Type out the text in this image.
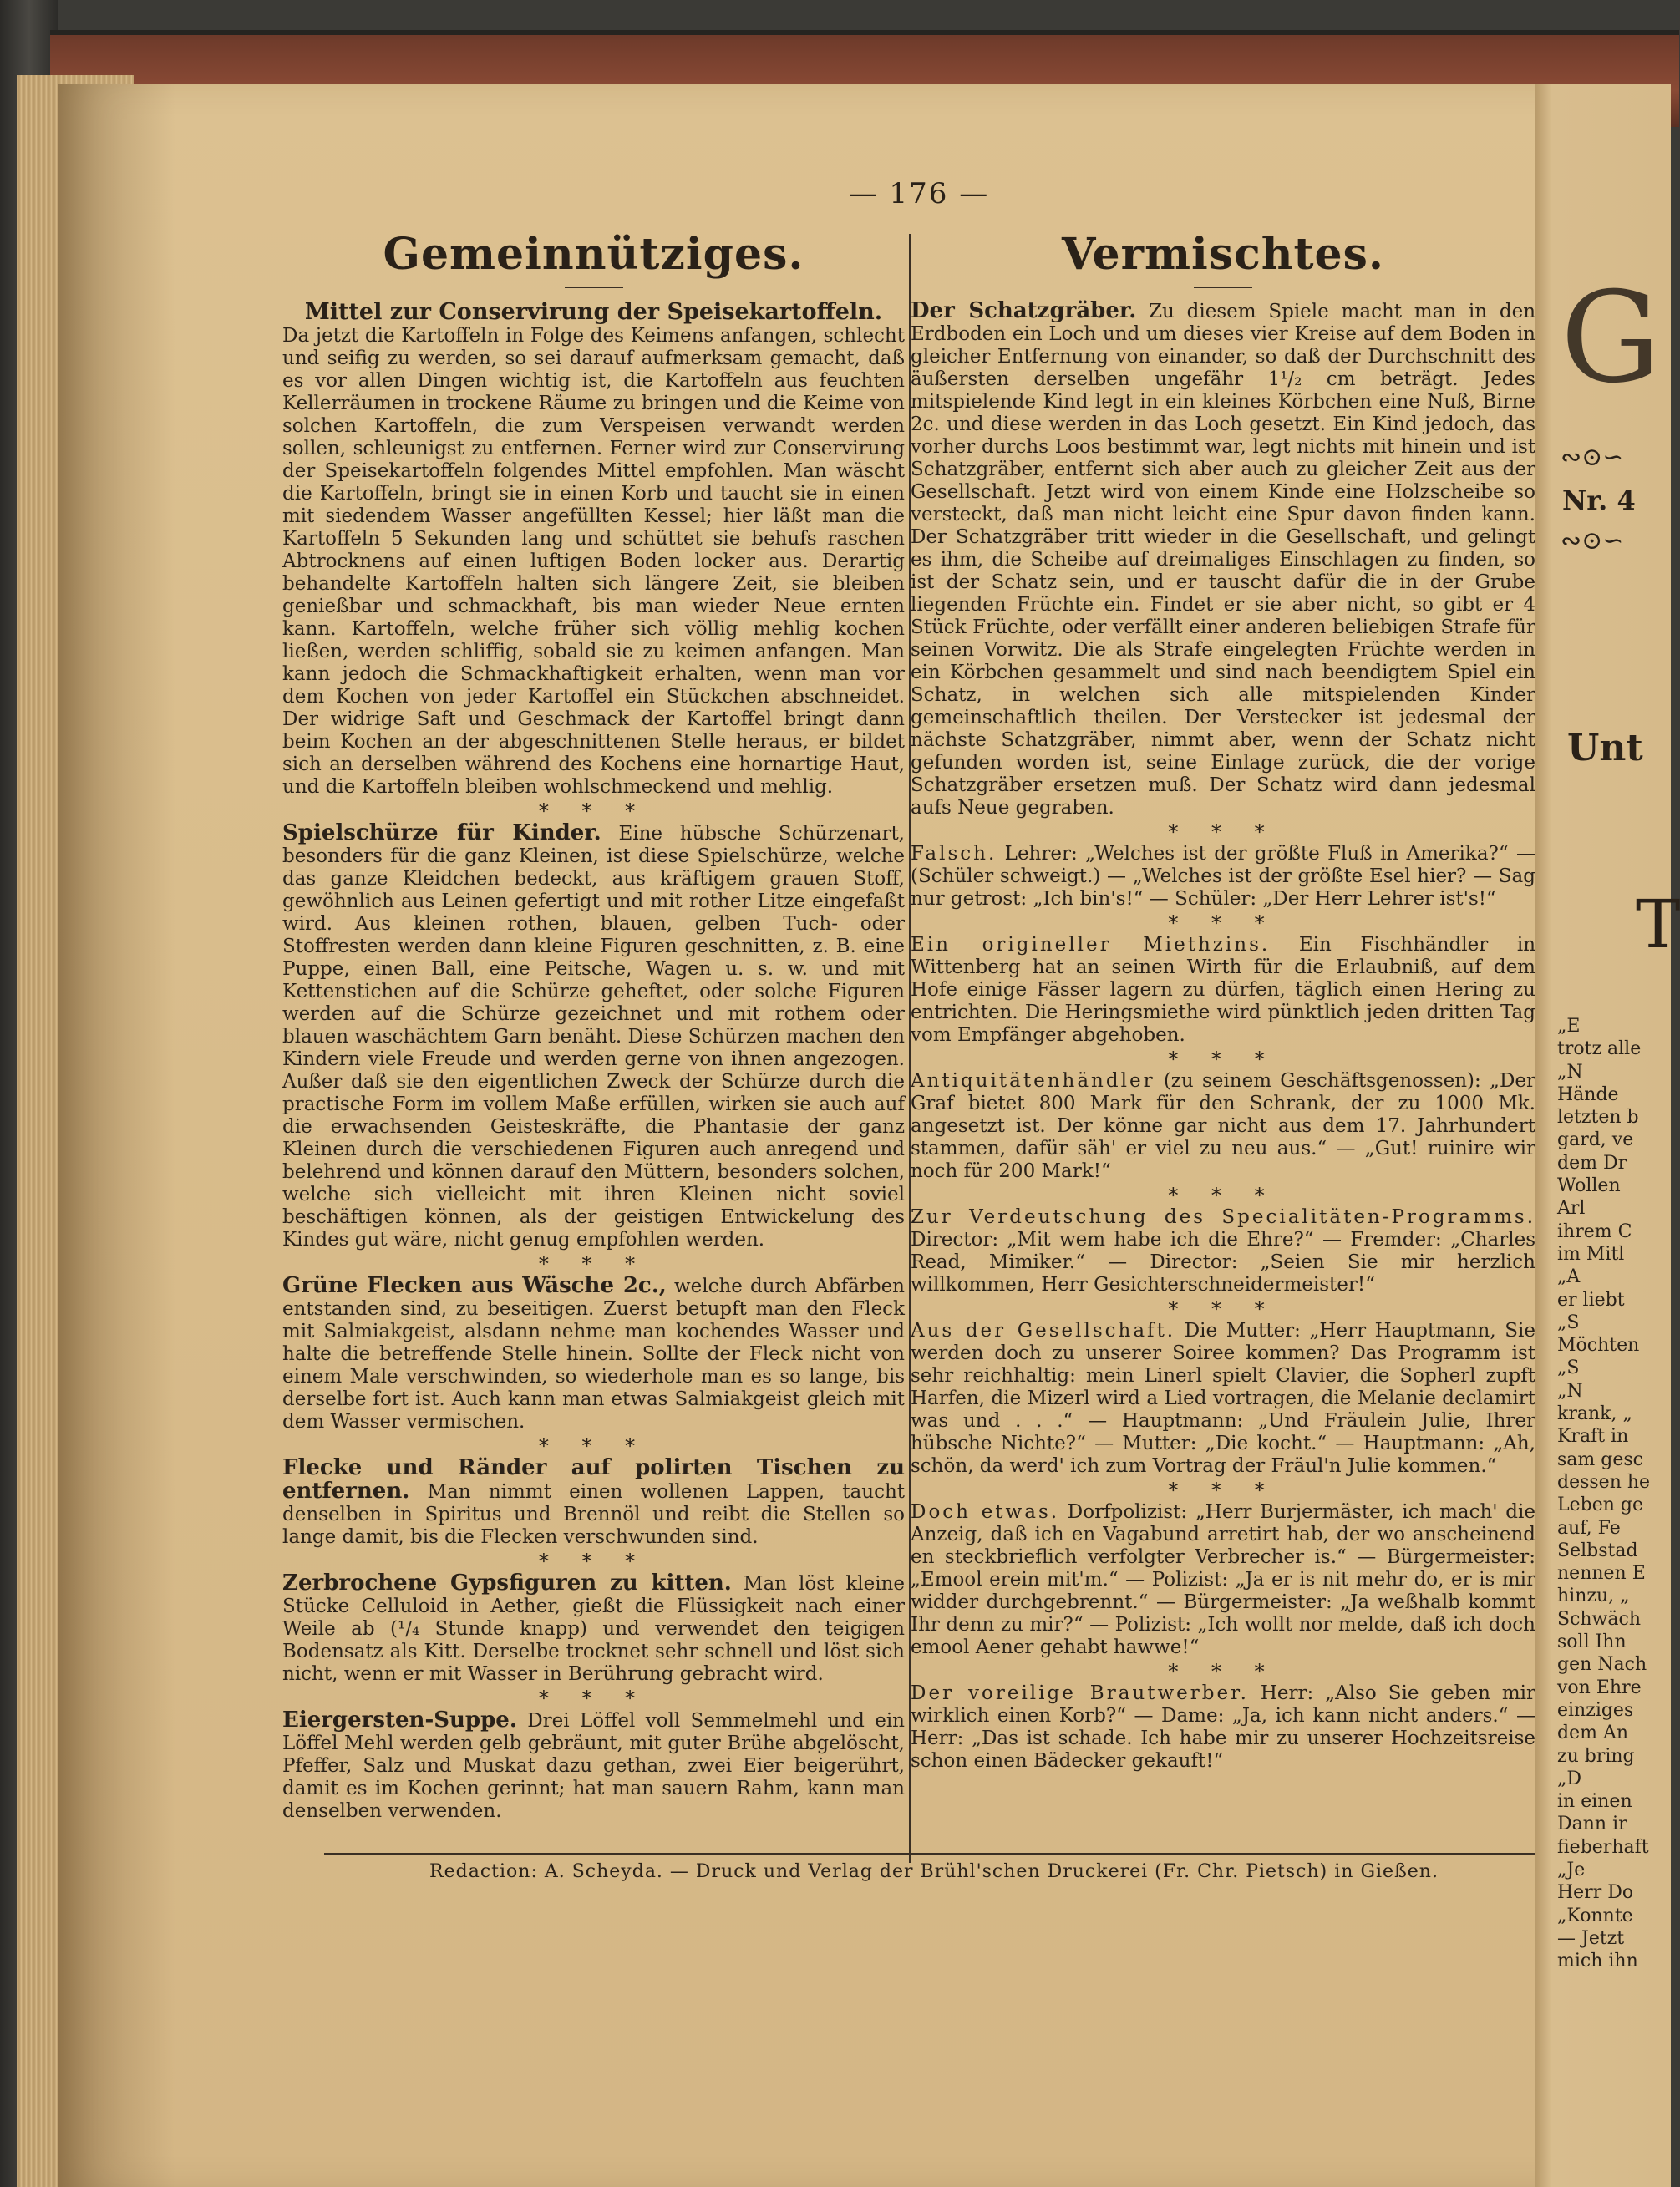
— 176 —
Gemeinnütziges.
Mittel zur Conservirung der Speisekartoffeln.
Da jetzt die Kartoffeln in Folge des Keimens anfangen, schlecht und seifig zu werden, so sei darauf aufmerksam gemacht, daß es vor allen Dingen wichtig ist, die Kartoffeln aus feuchten Kellerräumen in trockene Räume zu bringen und die Keime von solchen Kartoffeln, die zum Verspeisen verwandt werden sollen, schleunigst zu entfernen. Ferner wird zur Conservirung der Speisekartoffeln folgendes Mittel empfohlen. Man wäscht die Kartoffeln, bringt sie in einen Korb und taucht sie in einen mit siedendem Wasser angefüllten Kessel; hier läßt man die Kartoffeln 5 Sekunden lang und schüttet sie behufs raschen Abtrocknens auf einen luftigen Boden locker aus. Derartig behandelte Kartoffeln halten sich längere Zeit, sie bleiben genießbar und schmackhaft, bis man wieder Neue ernten kann. Kartoffeln, welche früher sich völlig mehlig kochen ließen, werden schliffig, sobald sie zu keimen anfangen. Man kann jedoch die Schmackhaftigkeit erhalten, wenn man vor dem Kochen von jeder Kartoffel ein Stückchen abschneidet. Der widrige Saft und Geschmack der Kartoffel bringt dann beim Kochen an der abgeschnittenen Stelle heraus, er bildet sich an derselben während des Kochens eine hornartige Haut, und die Kartoffeln bleiben wohlschmeckend und mehlig.
* * *
Spielschürze für Kinder. Eine hübsche Schürzenart, besonders für die ganz Kleinen, ist diese Spielschürze, welche das ganze Kleidchen bedeckt, aus kräftigem grauen Stoff, gewöhnlich aus Leinen gefertigt und mit rother Litze eingefaßt wird. Aus kleinen rothen, blauen, gelben Tuch- oder Stoffresten werden dann kleine Figuren geschnitten, z. B. eine Puppe, einen Ball, eine Peitsche, Wagen u. s. w. und mit Kettenstichen auf die Schürze geheftet, oder solche Figuren werden auf die Schürze gezeichnet und mit rothem oder blauen waschächtem Garn benäht. Diese Schürzen machen den Kindern viele Freude und werden gerne von ihnen angezogen. Außer daß sie den eigentlichen Zweck der Schürze durch die practische Form im vollem Maße erfüllen, wirken sie auch auf die erwachsenden Geisteskräfte, die Phantasie der ganz Kleinen durch die verschiedenen Figuren auch anregend und belehrend und können darauf den Müttern, besonders solchen, welche sich vielleicht mit ihren Kleinen nicht soviel beschäftigen können, als der geistigen Entwickelung des Kindes gut wäre, nicht genug empfohlen werden.
* * *
Grüne Flecken aus Wäsche 2c., welche durch Abfärben entstanden sind, zu beseitigen. Zuerst betupft man den Fleck mit Salmiakgeist, alsdann nehme man kochendes Wasser und halte die betreffende Stelle hinein. Sollte der Fleck nicht von einem Male verschwinden, so wiederhole man es so lange, bis derselbe fort ist. Auch kann man etwas Salmiakgeist gleich mit dem Wasser vermischen.
* * *
Flecke und Ränder auf polirten Tischen zu entfernen. Man nimmt einen wollenen Lappen, taucht denselben in Spiritus und Brennöl und reibt die Stellen so lange damit, bis die Flecken verschwunden sind.
* * *
Zerbrochene Gypsfiguren zu kitten. Man löst kleine Stücke Celluloid in Aether, gießt die Flüssigkeit nach einer Weile ab (¹/₄ Stunde knapp) und verwendet den teigigen Bodensatz als Kitt. Derselbe trocknet sehr schnell und löst sich nicht, wenn er mit Wasser in Berührung gebracht wird.
* * *
Eiergersten-Suppe. Drei Löffel voll Semmelmehl und ein Löffel Mehl werden gelb gebräunt, mit guter Brühe abgelöscht, Pfeffer, Salz und Muskat dazu gethan, zwei Eier beigerührt, damit es im Kochen gerinnt; hat man sauern Rahm, kann man denselben verwenden.
Vermischtes.
Der Schatzgräber. Zu diesem Spiele macht man in den Erdboden ein Loch und um dieses vier Kreise auf dem Boden in gleicher Entfernung von einander, so daß der Durchschnitt des äußersten derselben ungefähr 1¹/₂ cm beträgt. Jedes mitspielende Kind legt in ein kleines Körbchen eine Nuß, Birne 2c. und diese werden in das Loch gesetzt. Ein Kind jedoch, das vorher durchs Loos bestimmt war, legt nichts mit hinein und ist Schatzgräber, entfernt sich aber auch zu gleicher Zeit aus der Gesellschaft. Jetzt wird von einem Kinde eine Holzscheibe so versteckt, daß man nicht leicht eine Spur davon finden kann. Der Schatzgräber tritt wieder in die Gesellschaft, und gelingt es ihm, die Scheibe auf dreimaliges Einschlagen zu finden, so ist der Schatz sein, und er tauscht dafür die in der Grube liegenden Früchte ein. Findet er sie aber nicht, so gibt er 4 Stück Früchte, oder verfällt einer anderen beliebigen Strafe für seinen Vorwitz. Die als Strafe eingelegten Früchte werden in ein Körbchen gesammelt und sind nach beendigtem Spiel ein Schatz, in welchen sich alle mitspielenden Kinder gemeinschaftlich theilen. Der Verstecker ist jedesmal der nächste Schatzgräber, nimmt aber, wenn der Schatz nicht gefunden worden ist, seine Einlage zurück, die der vorige Schatzgräber ersetzen muß. Der Schatz wird dann jedesmal aufs Neue gegraben.
* * *
Falsch. Lehrer: „Welches ist der größte Fluß in Amerika?“ — (Schüler schweigt.) — „Welches ist der größte Esel hier? — Sag nur getrost: „Ich bin's!“ — Schüler: „Der Herr Lehrer ist's!“
* * *
Ein origineller Miethzins. Ein Fischhändler in Wittenberg hat an seinen Wirth für die Erlaubniß, auf dem Hofe einige Fässer lagern zu dürfen, täglich einen Hering zu entrichten. Die Heringsmiethe wird pünktlich jeden dritten Tag vom Empfänger abgehoben.
* * *
Antiquitätenhändler (zu seinem Geschäftsgenossen): „Der Graf bietet 800 Mark für den Schrank, der zu 1000 Mk. angesetzt ist. Der könne gar nicht aus dem 17. Jahrhundert stammen, dafür säh' er viel zu neu aus.“ — „Gut! ruinire wir noch für 200 Mark!“
* * *
Zur Verdeutschung des Specialitäten-Programms. Director: „Mit wem habe ich die Ehre?“ — Fremder: „Charles Read, Mimiker.“ — Director: „Seien Sie mir herzlich willkommen, Herr Gesichterschneidermeister!“
* * *
Aus der Gesellschaft. Die Mutter: „Herr Hauptmann, Sie werden doch zu unserer Soiree kommen? Das Programm ist sehr reichhaltig: mein Linerl spielt Clavier, die Sopherl zupft Harfen, die Mizerl wird a Lied vortragen, die Melanie declamirt was und . . .“ — Hauptmann: „Und Fräulein Julie, Ihrer hübsche Nichte?“ — Mutter: „Die kocht.“ — Hauptmann: „Ah, schön, da werd' ich zum Vortrag der Fräul'n Julie kommen.“
* * *
Doch etwas. Dorfpolizist: „Herr Burjermäster, ich mach' die Anzeig, daß ich en Vagabund arretirt hab, der wo anscheinend en steckbrieflich verfolgter Verbrecher is.“ — Bürgermeister: „Emool erein mit'm.“ — Polizist: „Ja er is nit mehr do, er is mir widder durchgebrennt.“ — Bürgermeister: „Ja weßhalb kommt Ihr denn zu mir?“ — Polizist: „Ich wollt nor melde, daß ich doch emool Aener gehabt hawwe!“
* * *
Der voreilige Brautwerber. Herr: „Also Sie geben mir wirklich einen Korb?“ — Dame: „Ja, ich kann nicht anders.“ — Herr: „Das ist schade. Ich habe mir zu unserer Hochzeitsreise schon einen Bädecker gekauft!“
Redaction: A. Scheyda. — Druck und Verlag der Brühl'schen Druckerei (Fr. Chr. Pietsch) in Gießen.
G
∾⊙∽
Nr. 4
∾⊙∽
Unt
T
„E
trotz alle
„N
Hände
letzten b
gard, ve
dem Dr
Wollen
Arl
ihrem C
im Mitl
„A
er liebt
„S
Möchten
„S
„N
krank, „
Kraft in
sam gesc
dessen he
Leben ge
auf, Fe
Selbstad
nennen E
hinzu, „
Schwäch
soll Ihn
gen Nach
von Ehre
einziges
dem An
zu bring
„D
in einen
Dann ir
fieberhaft
„Je
Herr Do
„Konnte
— Jetzt
mich ihn
